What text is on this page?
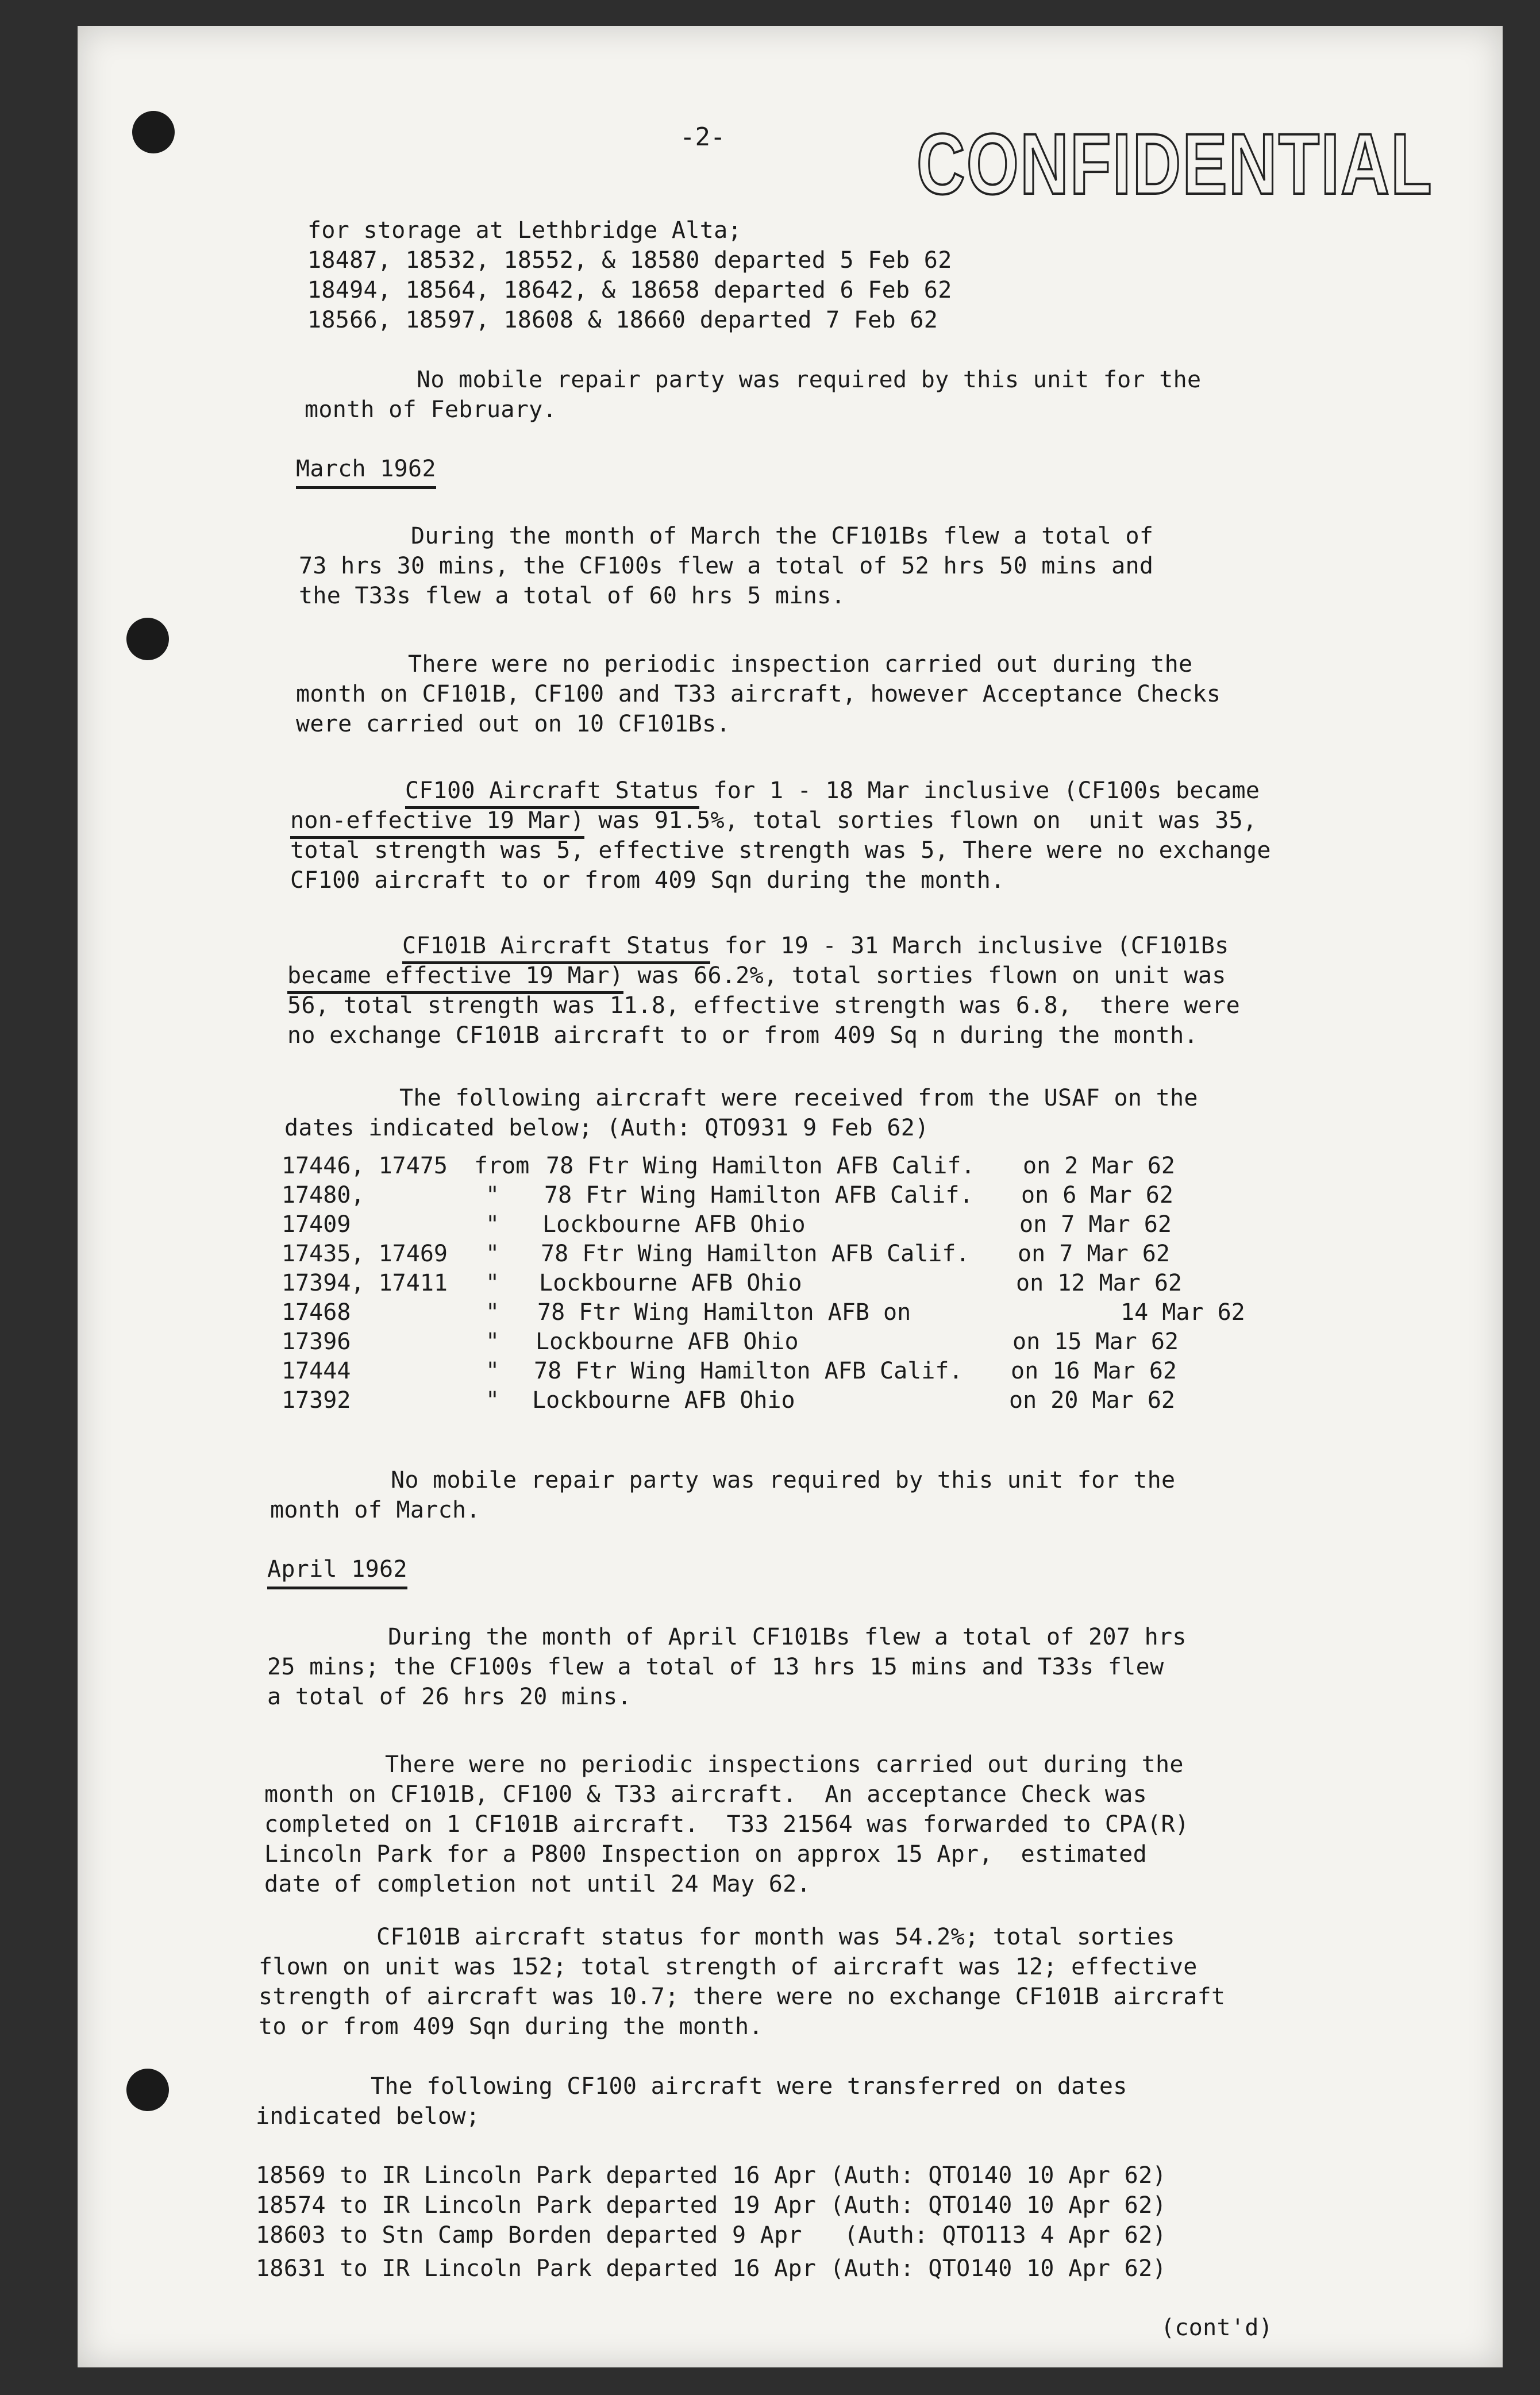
-2- CONFIDENTIAL

for storage at Lethbridge Alta;

18487, 18532, 18552, & 18580 departed 5 Feb 62

18494, 18564, 18642, & 18658 departed 6 Feb 62

18566, 18597, 18608 & 18660 departed 7 Feb 62

No mobile repair party was required by this unit for the

month of February.

March 1962

During the month of March the CF101Bs flew a total of

73 hrs 30 mins, the CF100s flew a total of 52 hrs 50 mins and

the T33s flew a total of 60 hrs 5 mins.

There were no periodic inspection carried out during the

month on CF101B, CF100 and T33 aircraft, however Acceptance Checks

were carried out on 10 CF101Bs.

CF100 Aircraft Status for 1 - 18 Mar inclusive (CF100s became

non-effective 19 Mar) was 91.5%, total sorties flown on  unit was 35,

total strength was 5, effective strength was 5, There were no exchange

CF100 aircraft to or from 409 Sqn during the month.

CF101B Aircraft Status for 19 - 31 March inclusive (CF101Bs

became effective 19 Mar) was 66.2%, total sorties flown on unit was

56, total strength was 11.8, effective strength was 6.8,  there were

no exchange CF101B aircraft to or from 409 Sq n during the month.

The following aircraft were received from the USAF on the

dates indicated below; (Auth: QTO931 9 Feb 62)

17446, 17475 from 78 Ftr Wing Hamilton AFB Calif. on 2 Mar 62

17480,	" 78 Ftr Wing Hamilton AFB Calif. on 6 Mar 62

17409	" Lockbourne AFB Ohio	on 7 Mar 62

17435, 17469 " 78 Ftr Wing Hamilton AFB Calif. on 7 Mar 62

17394, 17411 " Lockbourne AFB Ohio	on 12 Mar 62

17468	" 78 Ftr Wing Hamilton AFB on	14 Mar 62

17396	" Lockbourne AFB Ohio	on 15 Mar 62

17444	" 78 Ftr Wing Hamilton AFB Calif. on 16 Mar 62

17392	" Lockbourne AFB Ohio	on 20 Mar 62

No mobile repair party was required by this unit for the

month of March.

April 1962

During the month of April CF101Bs flew a total of 207 hrs

25 mins; the CF100s flew a total of 13 hrs 15 mins and T33s flew

a total of 26 hrs 20 mins.

There were no periodic inspections carried out during the

month on CF101B, CF100 & T33 aircraft.  An acceptance Check was

completed on 1 CF101B aircraft.  T33 21564 was forwarded to CPA(R)

Lincoln Park for a P800 Inspection on approx 15 Apr,  estimated

date of completion not until 24 May 62.

CF101B aircraft status for month was 54.2%; total sorties

flown on unit was 152; total strength of aircraft was 12; effective

strength of aircraft was 10.7; there were no exchange CF101B aircraft

to or from 409 Sqn during the month.

The following CF100 aircraft were transferred on dates

indicated below;

18569 to IR Lincoln Park departed 16 Apr (Auth: QTO140 10 Apr 62)

18574 to IR Lincoln Park departed 19 Apr (Auth: QTO140 10 Apr 62)

18603 to Stn Camp Borden departed 9 Apr   (Auth: QTO113 4 Apr 62)

18631 to IR Lincoln Park departed 16 Apr (Auth: QTO140 10 Apr 62)

(cont'd)
